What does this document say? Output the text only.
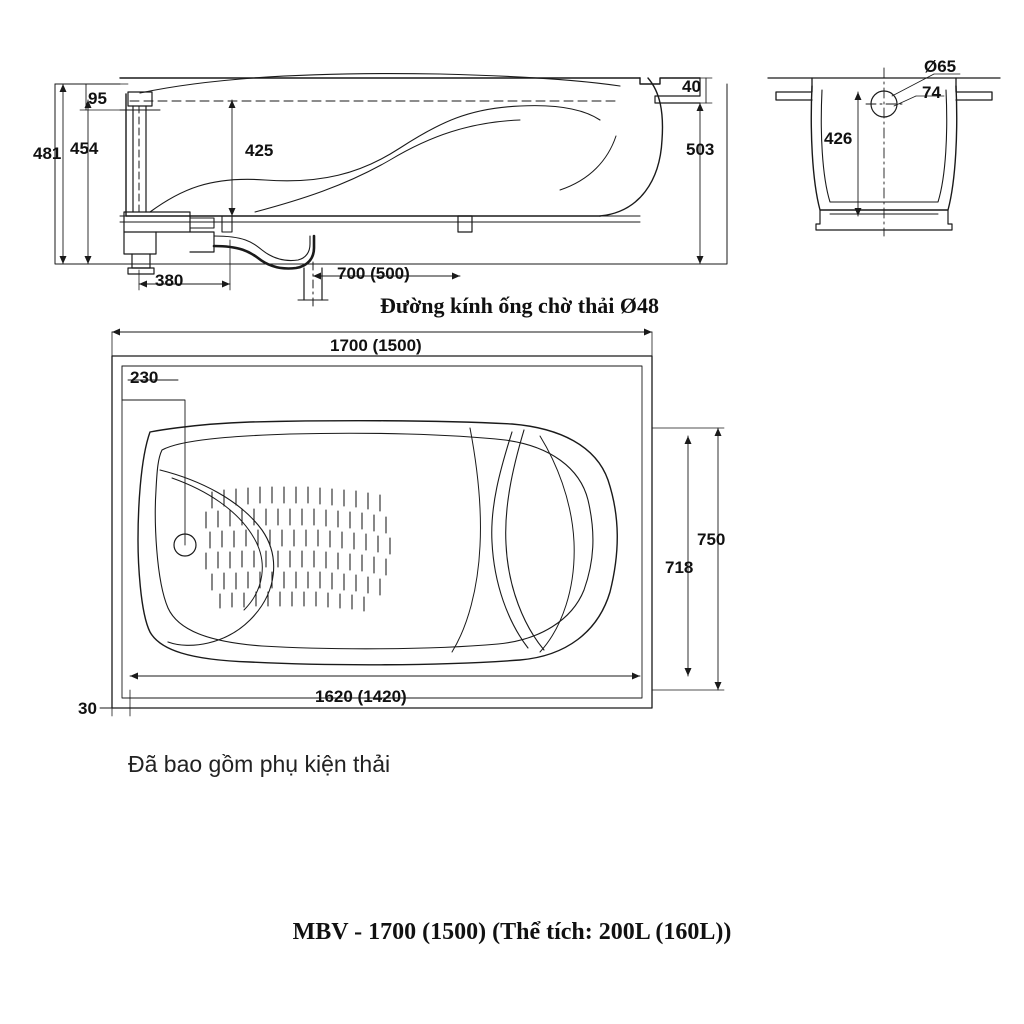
95
40
481 454	425	503
380	700 (500)
Ø65
74
426
1700 (1500)
230
750
718
1620 (1420)
30
Đường kính ống chờ thải Ø48
Đã bao gồm phụ kiện thải
MBV - 1700 (1500) (Thể tích: 200L (160L))
